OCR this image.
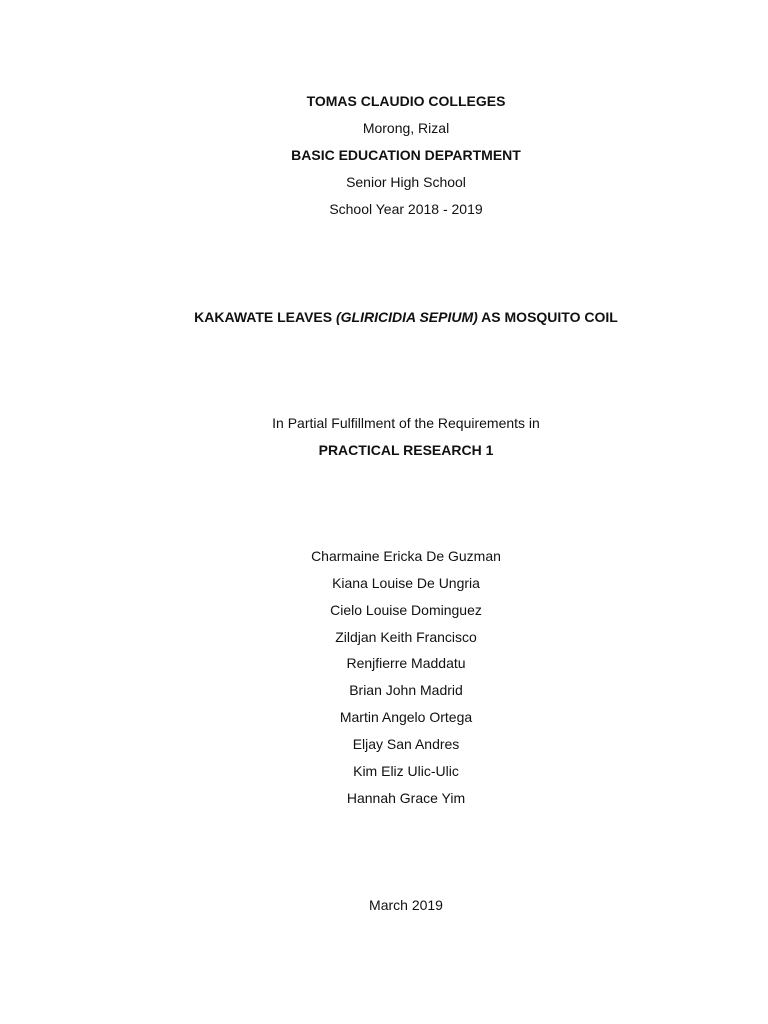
TOMAS CLAUDIO COLLEGES
Morong, Rizal
BASIC EDUCATION DEPARTMENT
Senior High School
School Year 2018 - 2019
KAKAWATE LEAVES (GLIRICIDIA SEPIUM) AS MOSQUITO COIL
In Partial Fulfillment of the Requirements in
PRACTICAL RESEARCH 1
Charmaine Ericka De Guzman
Kiana Louise De Ungria
Cielo Louise Dominguez
Zildjan Keith Francisco
Renjfierre Maddatu
Brian John Madrid
Martin Angelo Ortega
Eljay San Andres
Kim Eliz Ulic-Ulic
Hannah Grace Yim
March 2019
